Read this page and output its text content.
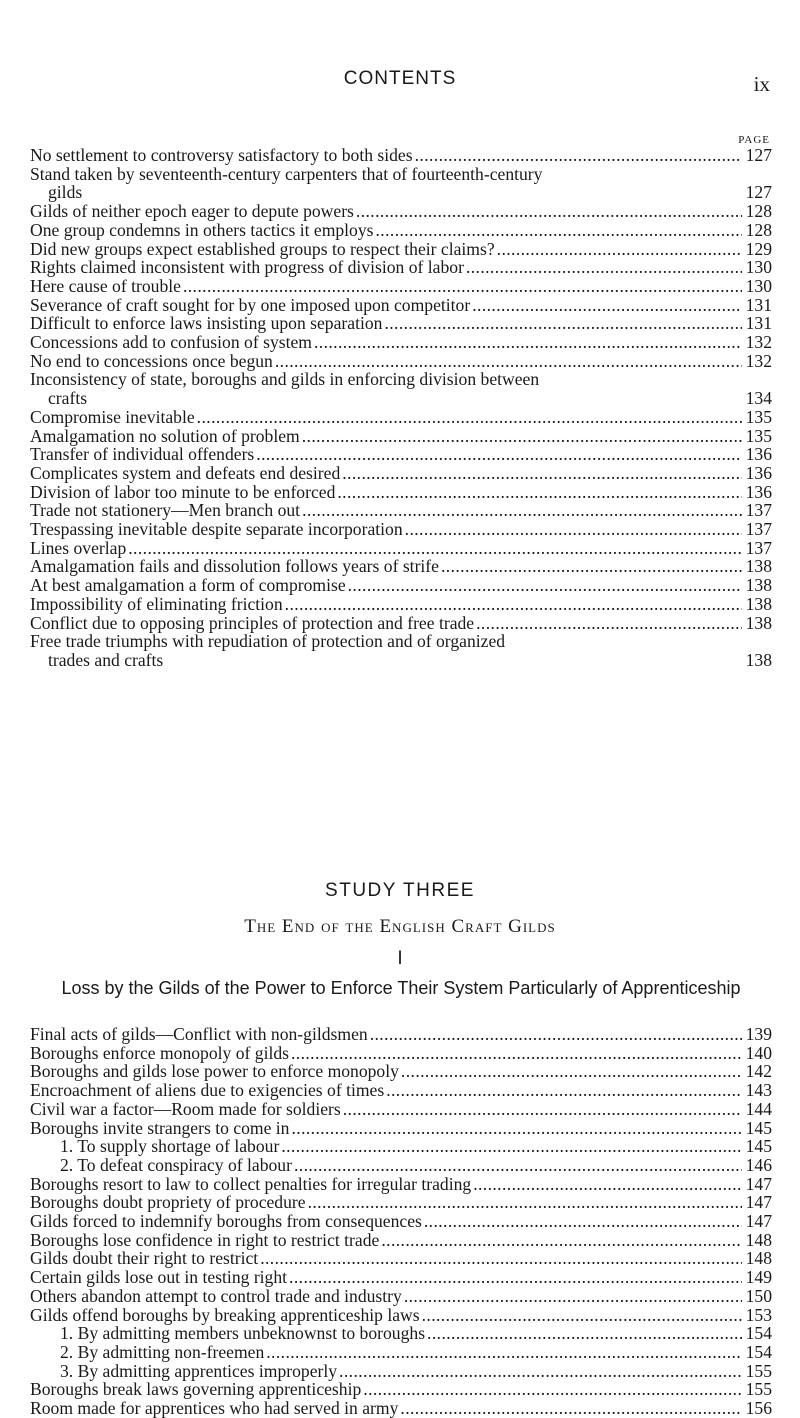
CONTENTS	ix
PAGE
No settlement to controversy satisfactory to both sides . . .	127
Stand taken by seventeenth-century carpenters that of fourteenth-century
gilds	127
Gilds of neither epoch eager to depute powers . . .	128
One group condemns in others tactics it employs . . .	128
Did new groups expect established groups to respect their claims? . . .	129
Rights claimed inconsistent with progress of division of labor . . .	130
Here cause of trouble . . .	130
Severance of craft sought for by one imposed upon competitor . . .	131
Difficult to enforce laws insisting upon separation . . .	131
Concessions add to confusion of system . . .	132
No end to concessions once begun . . .	132
Inconsistency of state, boroughs and gilds in enforcing division between
crafts	134
Compromise inevitable . . .	135
Amalgamation no solution of problem . . .	135
Transfer of individual offenders . . .	136
Complicates system and defeats end desired . . .	136
Division of labor too minute to be enforced . . .	136
Trade not stationery—Men branch out . . .	137
Trespassing inevitable despite separate incorporation . . .	137
Lines overlap . . .	137
Amalgamation fails and dissolution follows years of strife . . .	138
At best amalgamation a form of compromise . . .	138
Impossibility of eliminating friction . . .	138
Conflict due to opposing principles of protection and free trade . . .	138
Free trade triumphs with repudiation of protection and of organized
trades and crafts	138
STUDY THREE
The End of the English Craft Gilds
I
Loss by the Gilds of the Power to Enforce Their System Particularly of Apprenticeship
Final acts of gilds—Conflict with non-gildsmen . . .	139
Boroughs enforce monopoly of gilds . . .	140
Boroughs and gilds lose power to enforce monopoly . . .	142
Encroachment of aliens due to exigencies of times . . .	143
Civil war a factor—Room made for soldiers . . .	144
Boroughs invite strangers to come in . . .	145
1. To supply shortage of labour . . .	145
2. To defeat conspiracy of labour . . .	146
Boroughs resort to law to collect penalties for irregular trading . . .	147
Boroughs doubt propriety of procedure . . .	147
Gilds forced to indemnify boroughs from consequences . . .	147
Boroughs lose confidence in right to restrict trade . . .	148
Gilds doubt their right to restrict . . .	148
Certain gilds lose out in testing right . . .	149
Others abandon attempt to control trade and industry . . .	150
Gilds offend boroughs by breaking apprenticeship laws . . .	153
1. By admitting members unbeknownst to boroughs . . .	154
2. By admitting non-freemen . . .	154
3. By admitting apprentices improperly . . .	155
Boroughs break laws governing apprenticeship . . .	155
Room made for apprentices who had served in army . . .	156
